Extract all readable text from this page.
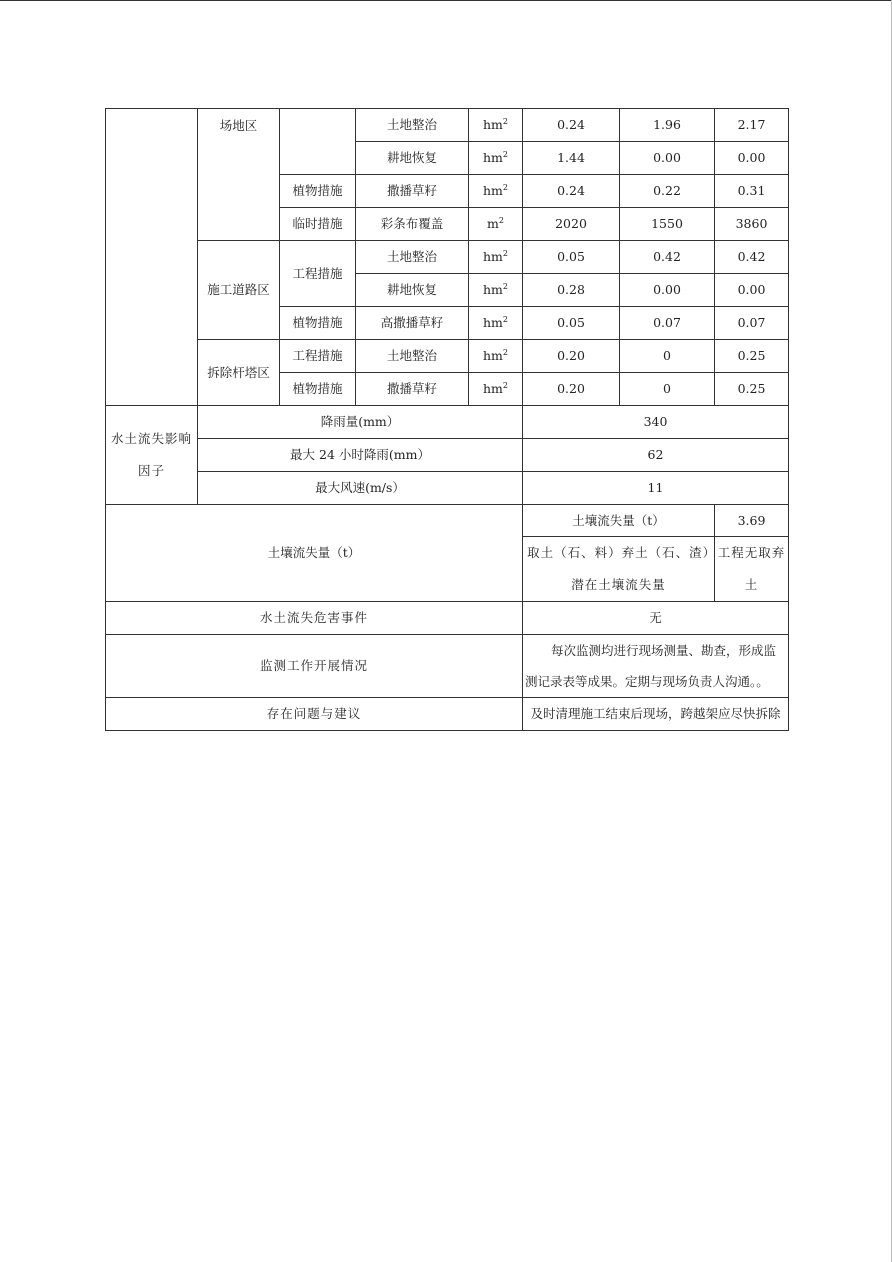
	场地区		土地整治	$hm^2$	0.24	1.96	2.17
			耕地恢复	$hm^2$	1.44	0.00	0.00
		植物措施	撒播草籽	$hm^2$	0.24	0.22	0.31
		临时措施	彩条布覆盖	$m^2$	2020	1550	3860
	施工道路区	工程措施	土地整治	$hm^2$	0.05	0.42	0.42
			耕地恢复	$hm^2$	0.28	0.00	0.00
		植物措施	高撒播草籽	$hm^2$	0.05	0.07	0.07
	拆除杆塔区	工程措施	土地整治	$hm^2$	0.20	0	0.25
		植物措施	撒播草籽	$hm^2$	0.20	0	0.25
水土流失影响因子	降雨量(mm）				340		
	最大 24 小时降雨(mm）				62		
	最大风速(m/s）				11		
土壤流失量（t）					土壤流失量（t）		3.69
					取土（石、料）弃土（石、渣）潜在土壤流失量		工程无取弃土
水土流失危害事件					无		
监测工作开展情况					每次监测均进行现场测量、勘查，形成监测记录表等成果。定期与现场负责人沟通。。		
存在问题与建议					及时清理施工结束后现场，跨越架应尽快拆除		
